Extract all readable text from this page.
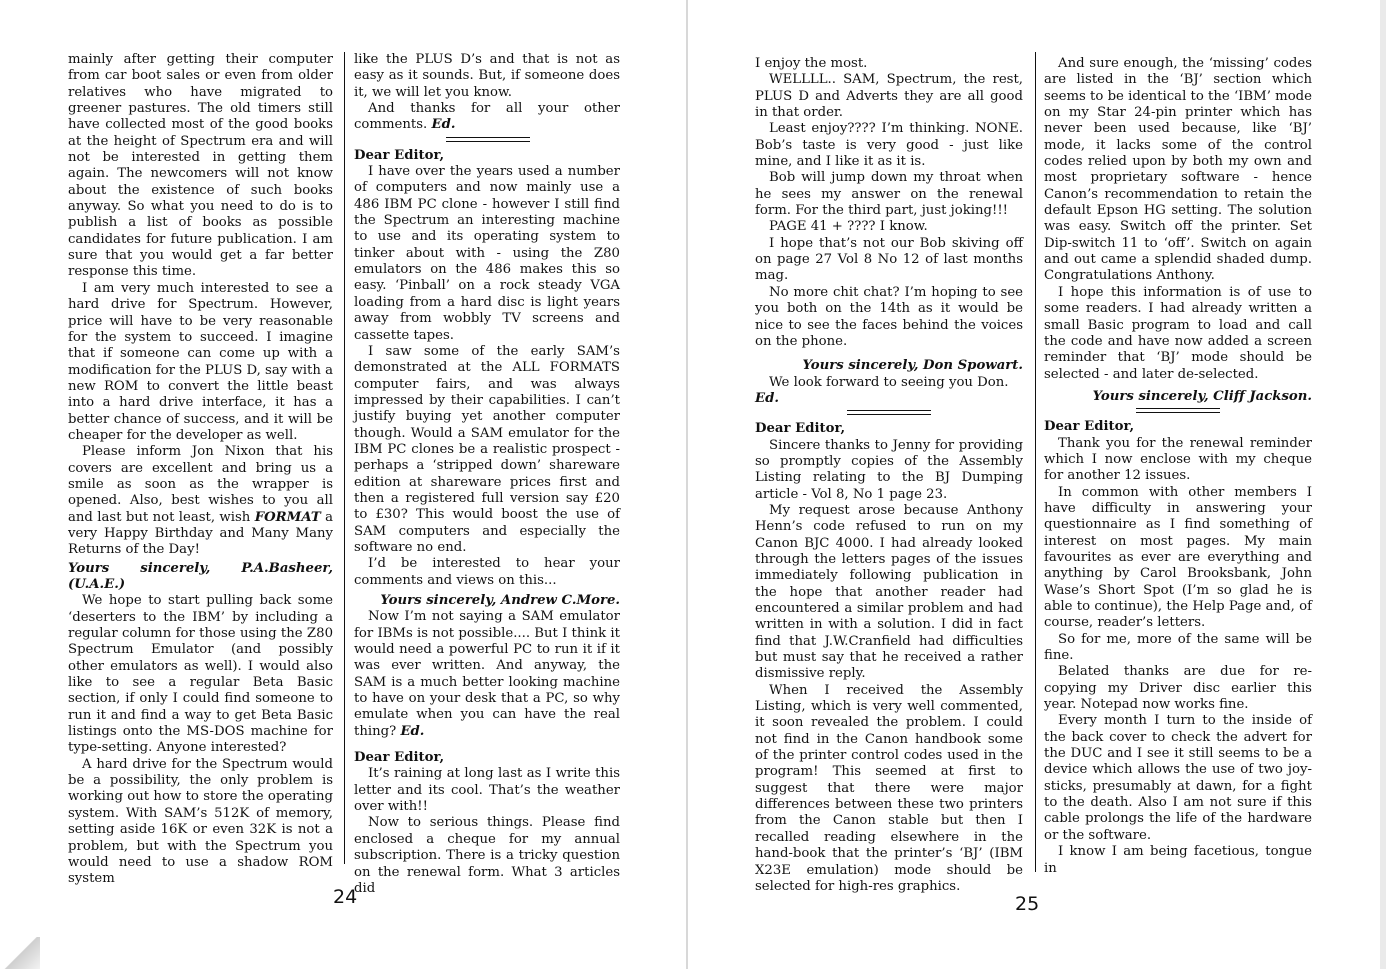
mainly after getting their computer from car boot sales or even from older relatives who have migrated to greener pastures. The old timers still have collected most of the good books at the height of Spectrum era and will not be interested in getting them again. The newcomers will not know about the existence of such books anyway. So what you need to do is to publish a list of books as possible candidates for future publication. I am sure that you would get a far better response this time.

I am very much interested to see a hard drive for Spectrum. However, price will have to be very reasonable for the system to succeed. I imagine that if someone can come up with a modification for the PLUS D, say with a new ROM to convert the little beast into a hard drive interface, it has a better chance of success, and it will be cheaper for the developer as well.

Please inform Jon Nixon that his covers are excellent and bring us a smile as soon as the wrapper is opened. Also, best wishes to you all and last but not least, wish FORMAT a very Happy Birthday and Many Many Returns of the Day!

Yours sincerely, P.A.Basheer, (U.A.E.)

We hope to start pulling back some ‘deserters to the IBM’ by including a regular column for those using the Z80 Spectrum Emulator (and possibly other emulators as well). I would also like to see a regular Beta Basic section, if only I could find someone to run it and find a way to get Beta Basic listings onto the MS-DOS machine for type-setting. Anyone interested?

A hard drive for the Spectrum would be a possibility, the only problem is working out how to store the operating system. With SAM’s 512K of memory, setting aside 16K or even 32K is not a problem, but with the Spectrum you would need to use a shadow ROM system

like the PLUS D’s and that is not as easy as it sounds. But, if someone does it, we will let you know.

And thanks for all your other comments. Ed.

Dear Editor,

I have over the years used a number of computers and now mainly use a 486 IBM PC clone - however I still find the Spectrum an interesting machine to use and its operating system to tinker about with - using the Z80 emulators on the 486 makes this so easy. ‘Pinball’ on a rock steady VGA loading from a hard disc is light years away from wobbly TV screens and cassette tapes.

I saw some of the early SAM’s demonstrated at the ALL FORMATS computer fairs, and was always impressed by their capabilities. I can’t justify buying yet another computer though. Would a SAM emulator for the IBM PC clones be a realistic prospect - perhaps a ‘stripped down’ shareware edition at shareware prices first and then a registered full version say £20 to £30? This would boost the use of SAM computers and especially the software no end.

I’d be interested to hear your comments and views on this...

Yours sincerely, Andrew C.More.

Now I’m not saying a SAM emulator for IBMs is not possible.... But I think it would need a powerful PC to run it if it was ever written. And anyway, the SAM is a much better looking machine to have on your desk that a PC, so why emulate when you can have the real thing? Ed.

Dear Editor,

It’s raining at long last as I write this letter and its cool. That’s the weather over with!!

Now to serious things. Please find enclosed a cheque for my annual subscription. There is a tricky question on the renewal form. What 3 articles did

24

I enjoy the most.

WELLLL.. SAM, Spectrum, the rest, PLUS D and Adverts they are all good in that order.

Least enjoy???? I’m thinking. NONE. Bob’s taste is very good - just like mine, and I like it as it is.

Bob will jump down my throat when he sees my answer on the renewal form. For the third part, just joking!!!

PAGE 41 + ???? I know.

I hope that’s not our Bob skiving off on page 27 Vol 8 No 12 of last months mag.

No more chit chat? I’m hoping to see you both on the 14th as it would be nice to see the faces behind the voices on the phone.

Yours sincerely, Don Spowart.

We look forward to seeing you Don.

Ed.

Dear Editor,

Sincere thanks to Jenny for providing so promptly copies of the Assembly Listing relating to the BJ Dumping article - Vol 8, No 1 page 23.

My request arose because Anthony Henn’s code refused to run on my Canon BJC 4000. I had already looked through the letters pages of the issues immediately following publication in the hope that another reader had encountered a similar problem and had written in with a solution. I did in fact find that J.W.Cranfield had difficulties but must say that he received a rather dismissive reply.

When I received the Assembly Listing, which is very well commented, it soon revealed the problem. I could not find in the Canon handbook some of the printer control codes used in the program! This seemed at first to suggest that there were major differences between these two printers from the Canon stable but then I recalled reading elsewhere in the hand-book that the printer’s ‘BJ’ (IBM X23E emulation) mode should be selected for high-res graphics.

And sure enough, the ‘missing’ codes are listed in the ‘BJ’ section which seems to be identical to the ‘IBM’ mode on my Star 24-pin printer which has never been used because, like ‘BJ’ mode, it lacks some of the control codes relied upon by both my own and most proprietary software - hence Canon’s recommendation to retain the default Epson HG setting. The solution was easy. Switch off the printer. Set Dip-switch 11 to ‘off’. Switch on again and out came a splendid shaded dump. Congratulations Anthony.

I hope this information is of use to some readers. I had already written a small Basic program to load and call the code and have now added a screen reminder that ‘BJ’ mode should be selected - and later de-selected.

Yours sincerely, Cliff Jackson.

Dear Editor,

Thank you for the renewal reminder which I now enclose with my cheque for another 12 issues.

In common with other members I have difficulty in answering your questionnaire as I find something of interest on most pages. My main favourites as ever are everything and anything by Carol Brooksbank, John Wase’s Short Spot (I’m so glad he is able to continue), the Help Page and, of course, reader’s letters.

So for me, more of the same will be fine.

Belated thanks are due for re-copying my Driver disc earlier this year. Notepad now works fine.

Every month I turn to the inside of the back cover to check the advert for the DUC and I see it still seems to be a device which allows the use of two joy-sticks, presumably at dawn, for a fight to the death. Also I am not sure if this cable prolongs the life of the hardware or the software.

I know I am being facetious, tongue in

25
